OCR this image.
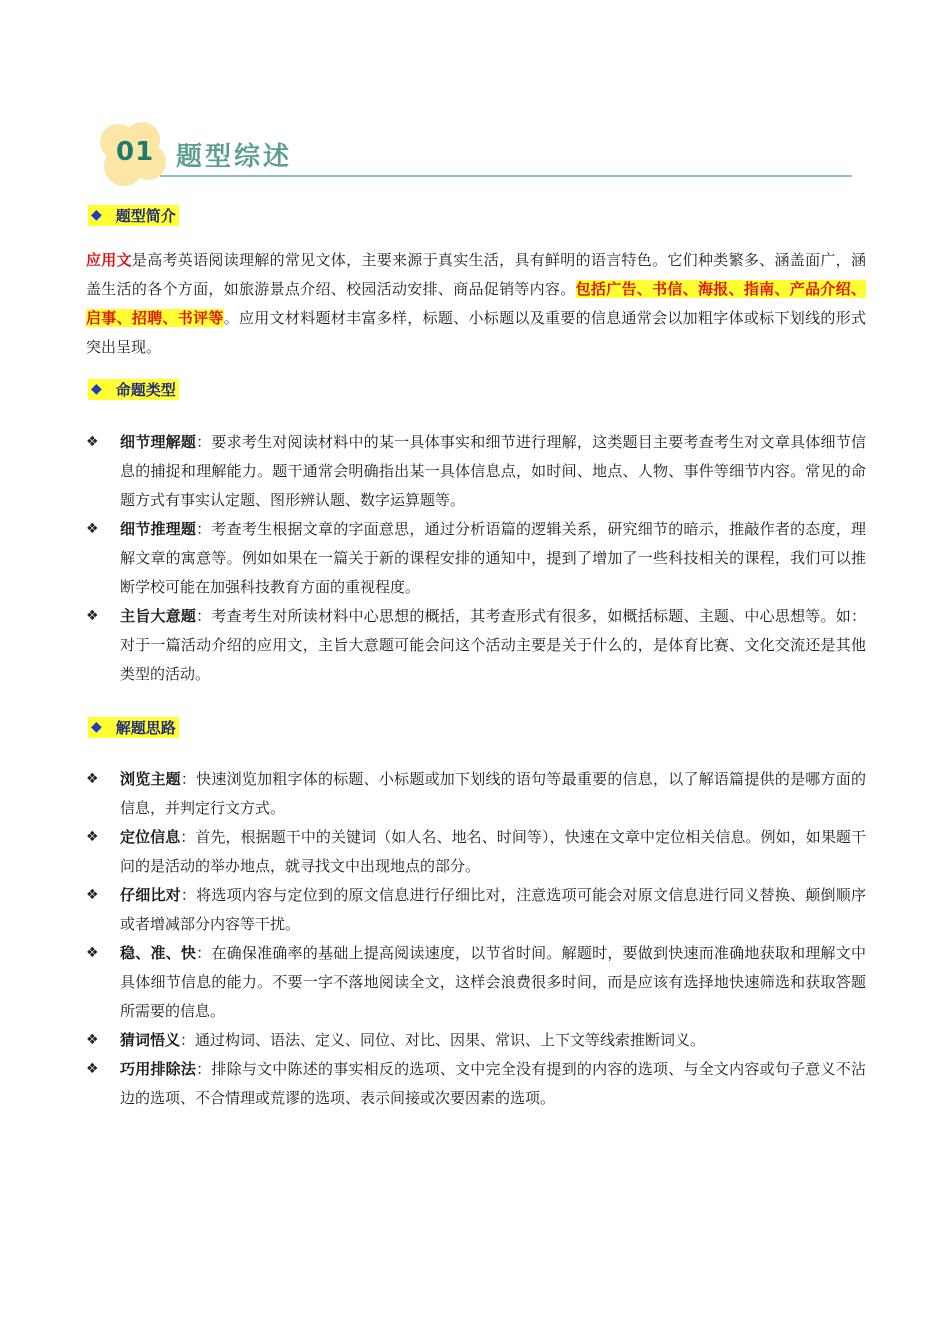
01 题型综述
◆ 题型简介
应用文是高考英语阅读理解的常见文体，主要来源于真实生活，具有鲜明的语言特色。它们种类繁多、涵盖面广，涵盖生活的各个方面，如旅游景点介绍、校园活动安排、商品促销等内容。包括广告、书信、海报、指南、产品介绍、启事、招聘、书评等。应用文材料题材丰富多样，标题、小标题以及重要的信息通常会以加粗字体或标下划线的形式突出呈现。
◆ 命题类型
❖ 细节理解题：要求考生对阅读材料中的某一具体事实和细节进行理解，这类题目主要考查考生对文章具体细节信息的捕捉和理解能力。题干通常会明确指出某一具体信息点，如时间、地点、人物、事件等细节内容。常见的命题方式有事实认定题、图形辨认题、数字运算题等。
❖ 细节推理题：考查考生根据文章的字面意思，通过分析语篇的逻辑关系，研究细节的暗示，推敲作者的态度，理解文章的寓意等。例如如果在一篇关于新的课程安排的通知中，提到了增加了一些科技相关的课程，我们可以推断学校可能在加强科技教育方面的重视程度。
❖ 主旨大意题：考查考生对所读材料中心思想的概括，其考查形式有很多，如概括标题、主题、中心思想等。如：对于一篇活动介绍的应用文，主旨大意题可能会问这个活动主要是关于什么的，是体育比赛、文化交流还是其他类型的活动。
◆ 解题思路
❖ 浏览主题：快速浏览加粗字体的标题、小标题或加下划线的语句等最重要的信息，以了解语篇提供的是哪方面的信息，并判定行文方式。
❖ 定位信息：首先，根据题干中的关键词（如人名、地名、时间等），快速在文章中定位相关信息。例如，如果题干问的是活动的举办地点，就寻找文中出现地点的部分。
❖ 仔细比对：将选项内容与定位到的原文信息进行仔细比对，注意选项可能会对原文信息进行同义替换、颠倒顺序或者增减部分内容等干扰。
❖ 稳、准、快：在确保准确率的基础上提高阅读速度，以节省时间。解题时，要做到快速而准确地获取和理解文中具体细节信息的能力。不要一字不落地阅读全文，这样会浪费很多时间，而是应该有选择地快速筛选和获取答题所需要的信息。
❖ 猜词悟义：通过构词、语法、定义、同位、对比、因果、常识、上下文等线索推断词义。
❖ 巧用排除法：排除与文中陈述的事实相反的选项、文中完全没有提到的内容的选项、与全文内容或句子意义不沾边的选项、不合情理或荒谬的选项、表示间接或次要因素的选项。
